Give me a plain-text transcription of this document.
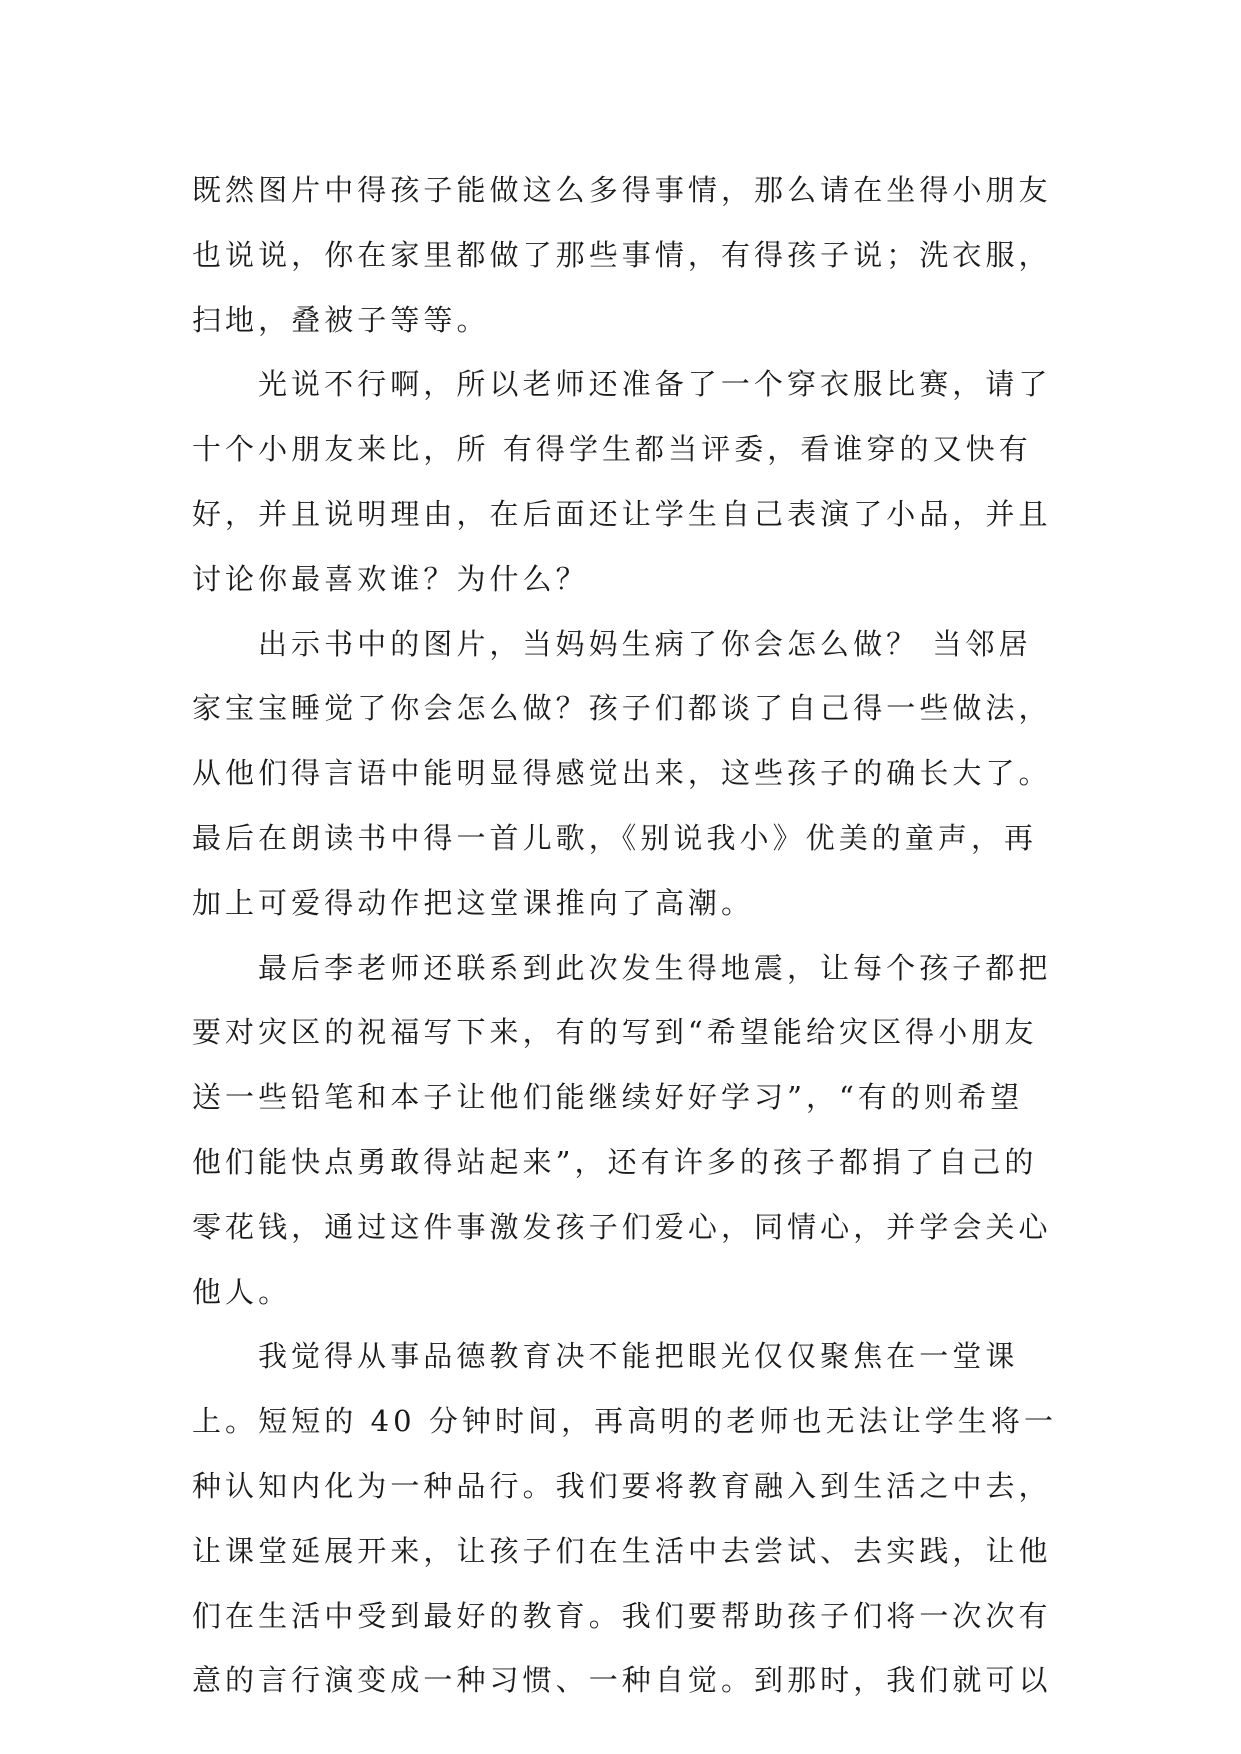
既然图片中得孩子能做这么多得事情，那么请在坐得小朋友
也说说，你在家里都做了那些事情，有得孩子说；洗衣服，
扫地，叠被子等等。
光说不行啊，所以老师还准备了一个穿衣服比赛，请了
十个小朋友来比，所 有得学生都当评委，看谁穿的又快有
好，并且说明理由，在后面还让学生自己表演了小品，并且
讨论你最喜欢谁？为什么？
出示书中的图片，当妈妈生病了你会怎么做？ 当邻居
家宝宝睡觉了你会怎么做？孩子们都谈了自己得一些做法，
从他们得言语中能明显得感觉出来，这些孩子的确长大了。
最后在朗读书中得一首儿歌，《别说我小》优美的童声，再
加上可爱得动作把这堂课推向了高潮。
最后李老师还联系到此次发生得地震，让每个孩子都把
要对灾区的祝福写下来，有的写到“希望能给灾区得小朋友
送一些铅笔和本子让他们能继续好好学习”，“有的则希望
他们能快点勇敢得站起来”，还有许多的孩子都捐了自己的
零花钱，通过这件事激发孩子们爱心，同情心，并学会关心
他人。
我觉得从事品德教育决不能把眼光仅仅聚焦在一堂课
上。短短的 40 分钟时间，再高明的老师也无法让学生将一
种认知内化为一种品行。我们要将教育融入到生活之中去，
让课堂延展开来，让孩子们在生活中去尝试、去实践，让他
们在生活中受到最好的教育。我们要帮助孩子们将一次次有
意的言行演变成一种习惯、一种自觉。到那时，我们就可以
